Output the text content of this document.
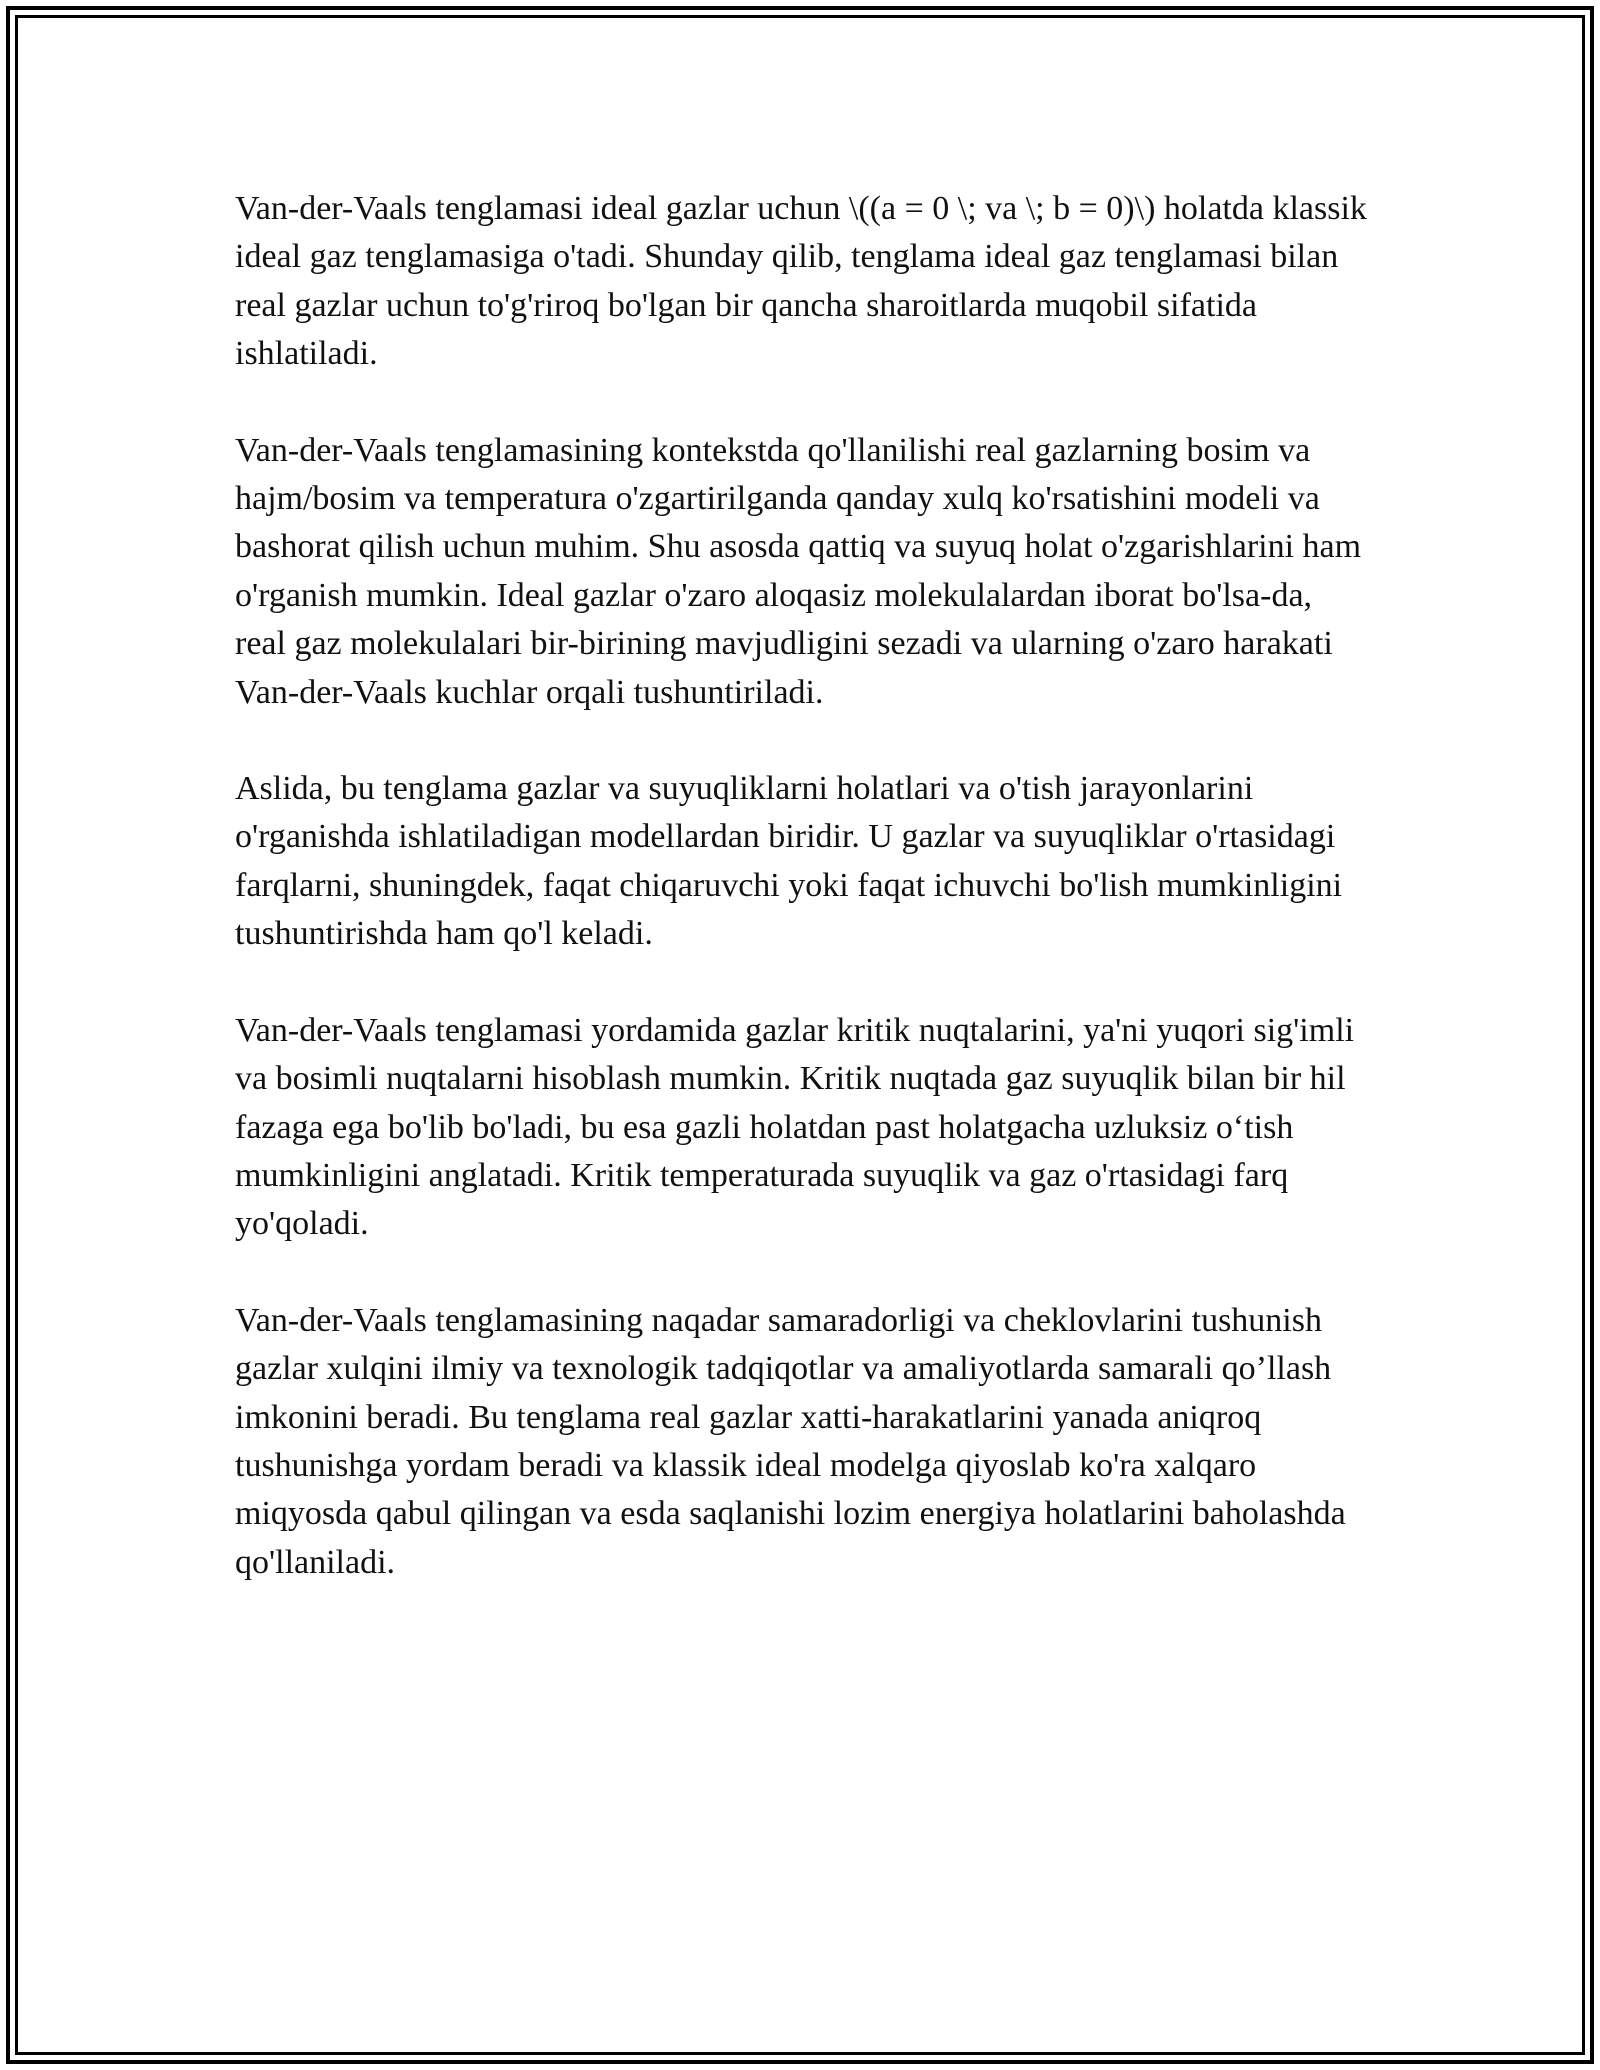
Van-der-Vaals tenglamasi ideal gazlar uchun \((a = 0 \; va \; b = 0)\) holatda klassik ideal gaz tenglamasiga o'tadi. Shunday qilib, tenglama ideal gaz tenglamasi bilan real gazlar uchun to'g'riroq bo'lgan bir qancha sharoitlarda muqobil sifatida ishlatiladi.

Van-der-Vaals tenglamasining kontekstda qo'llanilishi real gazlarning bosim va hajm/bosim va temperatura o'zgartirilganda qanday xulq ko'rsatishini modeli va bashorat qilish uchun muhim. Shu asosda qattiq va suyuq holat o'zgarishlarini ham o'rganish mumkin. Ideal gazlar o'zaro aloqasiz molekulalardan iborat bo'lsa-da, real gaz molekulalari bir-birining mavjudligini sezadi va ularning o'zaro harakati Van-der-Vaals kuchlar orqali tushuntiriladi.

Aslida, bu tenglama gazlar va suyuqliklarni holatlari va o'tish jarayonlarini o'rganishda ishlatiladigan modellardan biridir. U gazlar va suyuqliklar o'rtasidagi farqlarni, shuningdek, faqat chiqaruvchi yoki faqat ichuvchi bo'lish mumkinligini tushuntirishda ham qo'l keladi.

Van-der-Vaals tenglamasi yordamida gazlar kritik nuqtalarini, ya'ni yuqori sig'imli va bosimli nuqtalarni hisoblash mumkin. Kritik nuqtada gaz suyuqlik bilan bir hil fazaga ega bo'lib bo'ladi, bu esa gazli holatdan past holatgacha uzluksiz o‘tish mumkinligini anglatadi. Kritik temperaturada suyuqlik va gaz o'rtasidagi farq yo'qoladi.

Van-der-Vaals tenglamasining naqadar samaradorligi va cheklovlarini tushunish gazlar xulqini ilmiy va texnologik tadqiqotlar va amaliyotlarda samarali qo’llash imkonini beradi. Bu tenglama real gazlar xatti-harakatlarini yanada aniqroq tushunishga yordam beradi va klassik ideal modelga qiyoslab ko'ra xalqaro miqyosda qabul qilingan va esda saqlanishi lozim energiya holatlarini baholashda qo'llaniladi.
